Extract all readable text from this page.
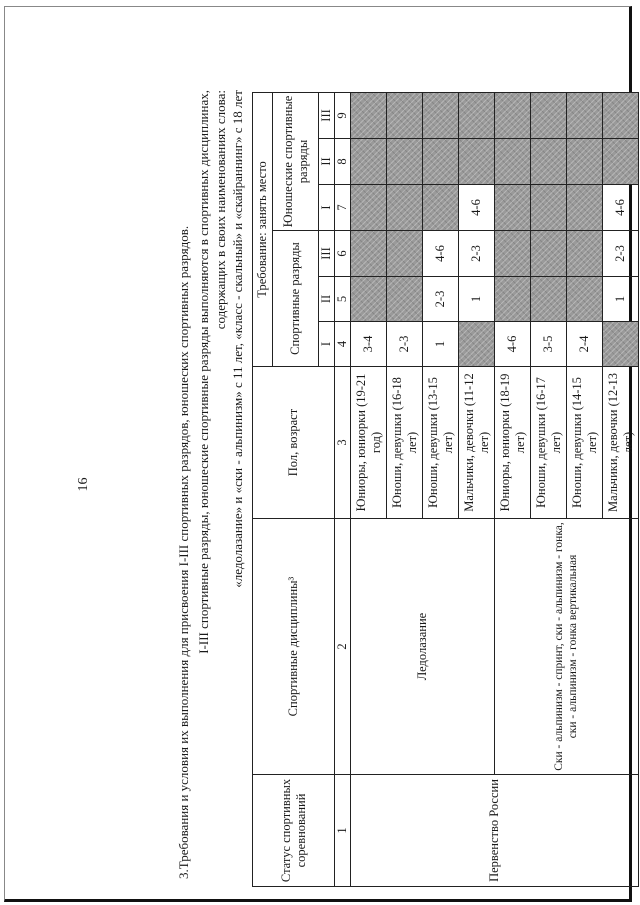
16	3.Требования и условия их выполнения для присвоения I-III спортивных разрядов, юношеских спортивных разрядов. I-III спортивные разряды, юношеские спортивные разряды выполняются в спортивных дисциплинах, содержащих в своих наименованиях слова: «ледолазание» и «ски - альпинизм» с 11 лет, «класс - скальный» и «скайраннинг» с 18 лет
Статус спортивных соревнований	Спортивные дисциплины³	Пол, возраст	Требование: занять место					
			Спортивные разряды			Юношеские спортивные разряды		
			I	II	III	I	II	III
1	2	3	4	5	6	7	8	9
Первенство России	Ледолазание	Юниоры, юниорки (19-21 год)	3-4					
		Юноши, девушки (16-18 лет)	2-3					
		Юноши, девушки (13-15 лет)	1	2-3	4-6			
		Мальчики, девочки (11-12 лет)		1	2-3	4-6		
	Ски - альпинизм - спринт, ски - альпинизм - гонка, ски - альпинизм - гонка вертикальная	Юниоры, юниорки (18-19 лет)	4-6					
		Юноши, девушки (16-17 лет)	3-5					
		Юноши, девушки (14-15 лет)	2-4					
		Мальчики, девочки (12-13 лет)		1	2-3	4-6		
